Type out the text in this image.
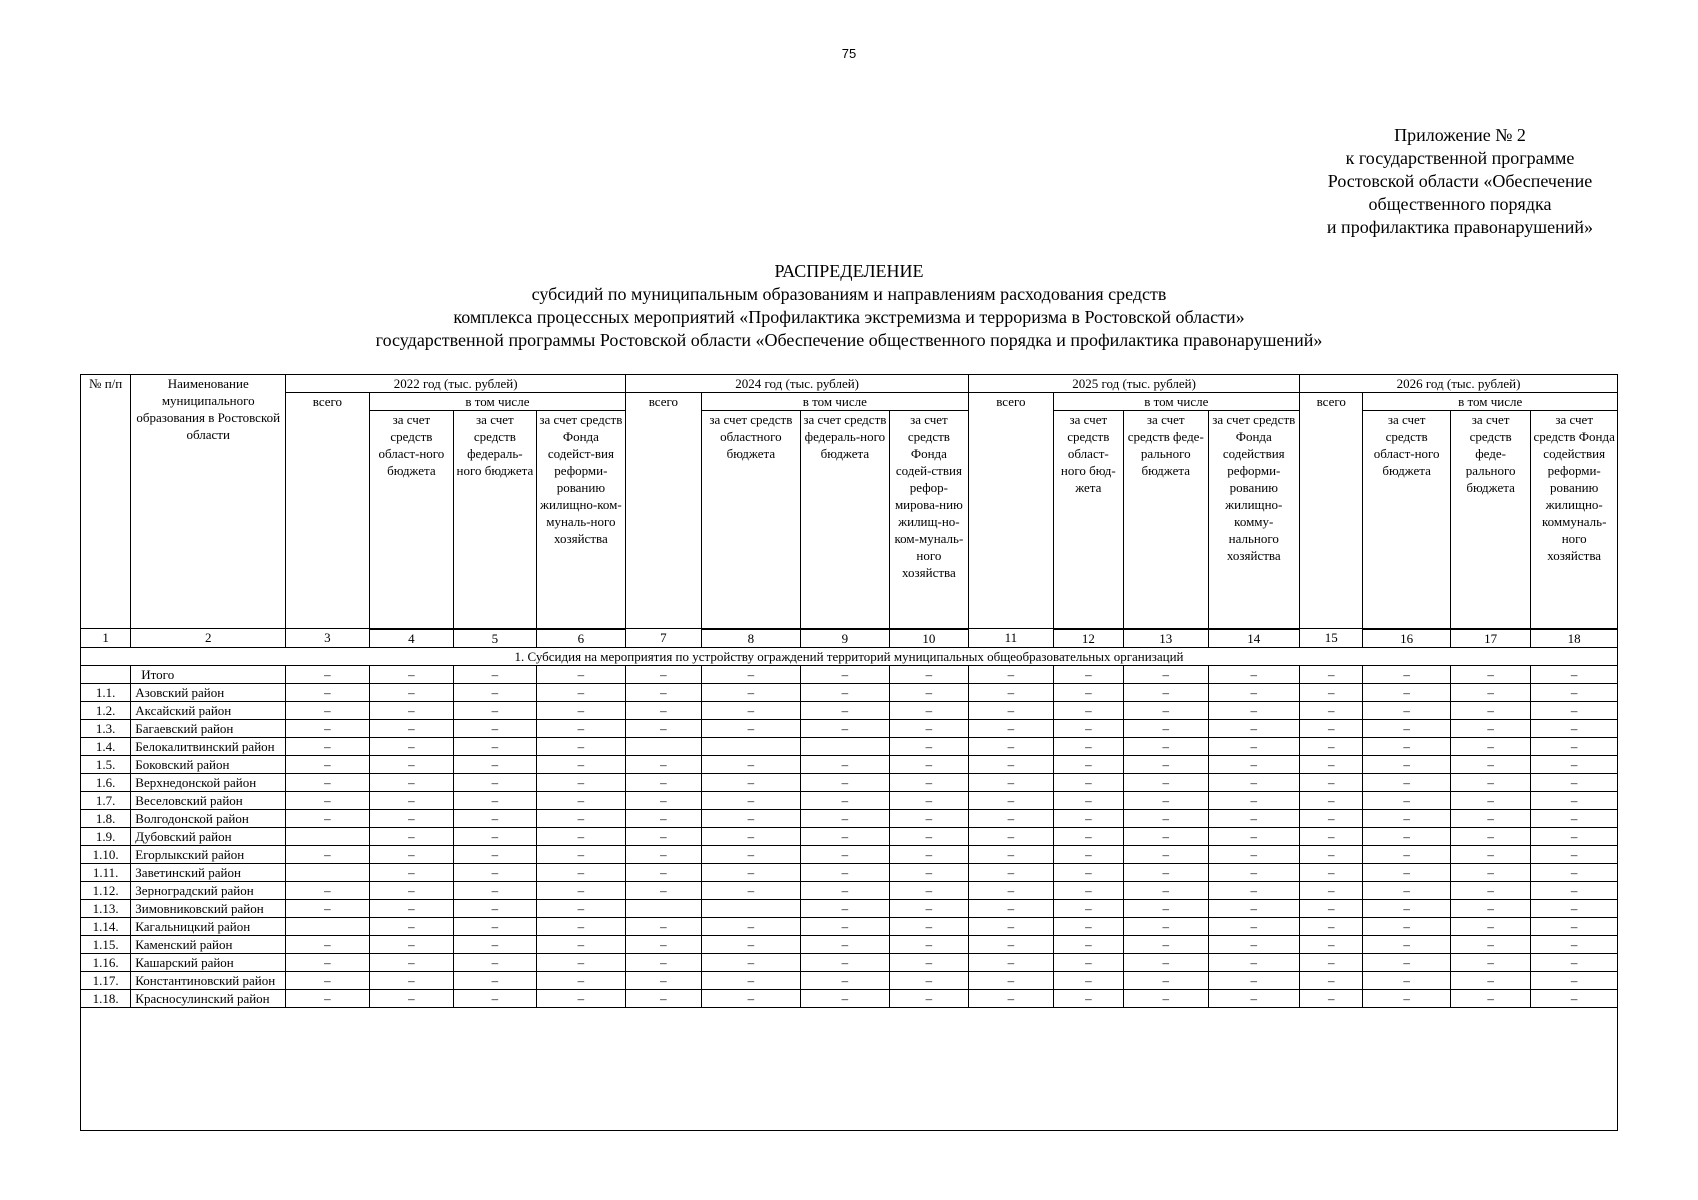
75
Приложение № 2
к государственной программе
Ростовской области «Обеспечение
общественного порядка
и профилактика правонарушений»
РАСПРЕДЕЛЕНИЕ
субсидий по муниципальным образованиям и направлениям расходования средств
комплекса процессных мероприятий «Профилактика экстремизма и терроризма в Ростовской области»
государственной программы Ростовской области «Обеспечение общественного порядка и профилактика правонарушений»
№ п/п	Наименование муниципального образования в Ростовской области	2022 год (тыс. рублей)				2024 год (тыс. рублей)				2025 год (тыс. рублей)				2026 год (тыс. рублей)			
		всего	в том числе			всего	в том числе			всего	в том числе			всего	в том числе		
			за счет средств област-ного бюджета	за счет средств федераль-ного бюджета	за счет средств Фонда содейст-вия реформи-рованию жилищно-ком-муналь-ного хозяйства		за счет средств областного бюджета	за счет средств федераль-ного бюджета	за счет средств Фонда содей-ствия рефор-мирова-нию жилищ-но-ком-муналь-ного хозяйства		за счет средств област-ного бюд-жета	за счет средств феде-рального бюджета	за счет средств Фонда содействия реформи-рованию жилищно-комму-нального хозяйства		за счет средств област-ного бюджета	за счет средств феде-рального бюджета	за счет средств Фонда содействия реформи-рованию жилищно-коммуналь-ного хозяйства
1	2	3	4	5	6	7	8	9	10	11	12	13	14	15	16	17	18
1. Субсидия на мероприятия по устройству ограждений территорий муниципальных общеобразовательных организаций																	
	Итого	–	–	–	–	–	–	–	–	–	–	–	–	–	–	–	–
1.1.	Азовский район	–	–	–	–	–	–	–	–	–	–	–	–	–	–	–	–
1.2.	Аксайский район	–	–	–	–	–	–	–	–	–	–	–	–	–	–	–	–
1.3.	Багаевский район	–	–	–	–	–	–	–	–	–	–	–	–	–	–	–	–
1.4.	Белокалитвинский район	–	–	–	–				–	–	–	–	–	–	–	–	–
1.5.	Боковский район	–	–	–	–	–	–	–	–	–	–	–	–	–	–	–	–
1.6.	Верхнедонской район	–	–	–	–	–	–	–	–	–	–	–	–	–	–	–	–
1.7.	Веселовский район	–	–	–	–	–	–	–	–	–	–	–	–	–	–	–	–
1.8.	Волгодонской район	–	–	–	–	–	–	–	–	–	–	–	–	–	–	–	–
1.9.	Дубовский район		–	–	–	–	–	–	–	–	–	–	–	–	–	–	–
1.10.	Егорлыкский район	–	–	–	–	–	–	–	–	–	–	–	–	–	–	–	–
1.11.	Заветинский район		–	–	–	–	–	–	–	–	–	–	–	–	–	–	–
1.12.	Зерноградский район	–	–	–	–	–	–	–	–	–	–	–	–	–	–	–	–
1.13.	Зимовниковский район	–	–	–	–			–	–	–	–	–	–	–	–	–	–
1.14.	Кагальницкий район		–	–	–	–	–	–	–	–	–	–	–	–	–	–	–
1.15.	Каменский район	–	–	–	–	–	–	–	–	–	–	–	–	–	–	–	–
1.16.	Кашарский район	–	–	–	–	–	–	–	–	–	–	–	–	–	–	–	–
1.17.	Константиновский район	–	–	–	–	–	–	–	–	–	–	–	–	–	–	–	–
1.18.	Красносулинский район	–	–	–	–	–	–	–	–	–	–	–	–	–	–	–	–
